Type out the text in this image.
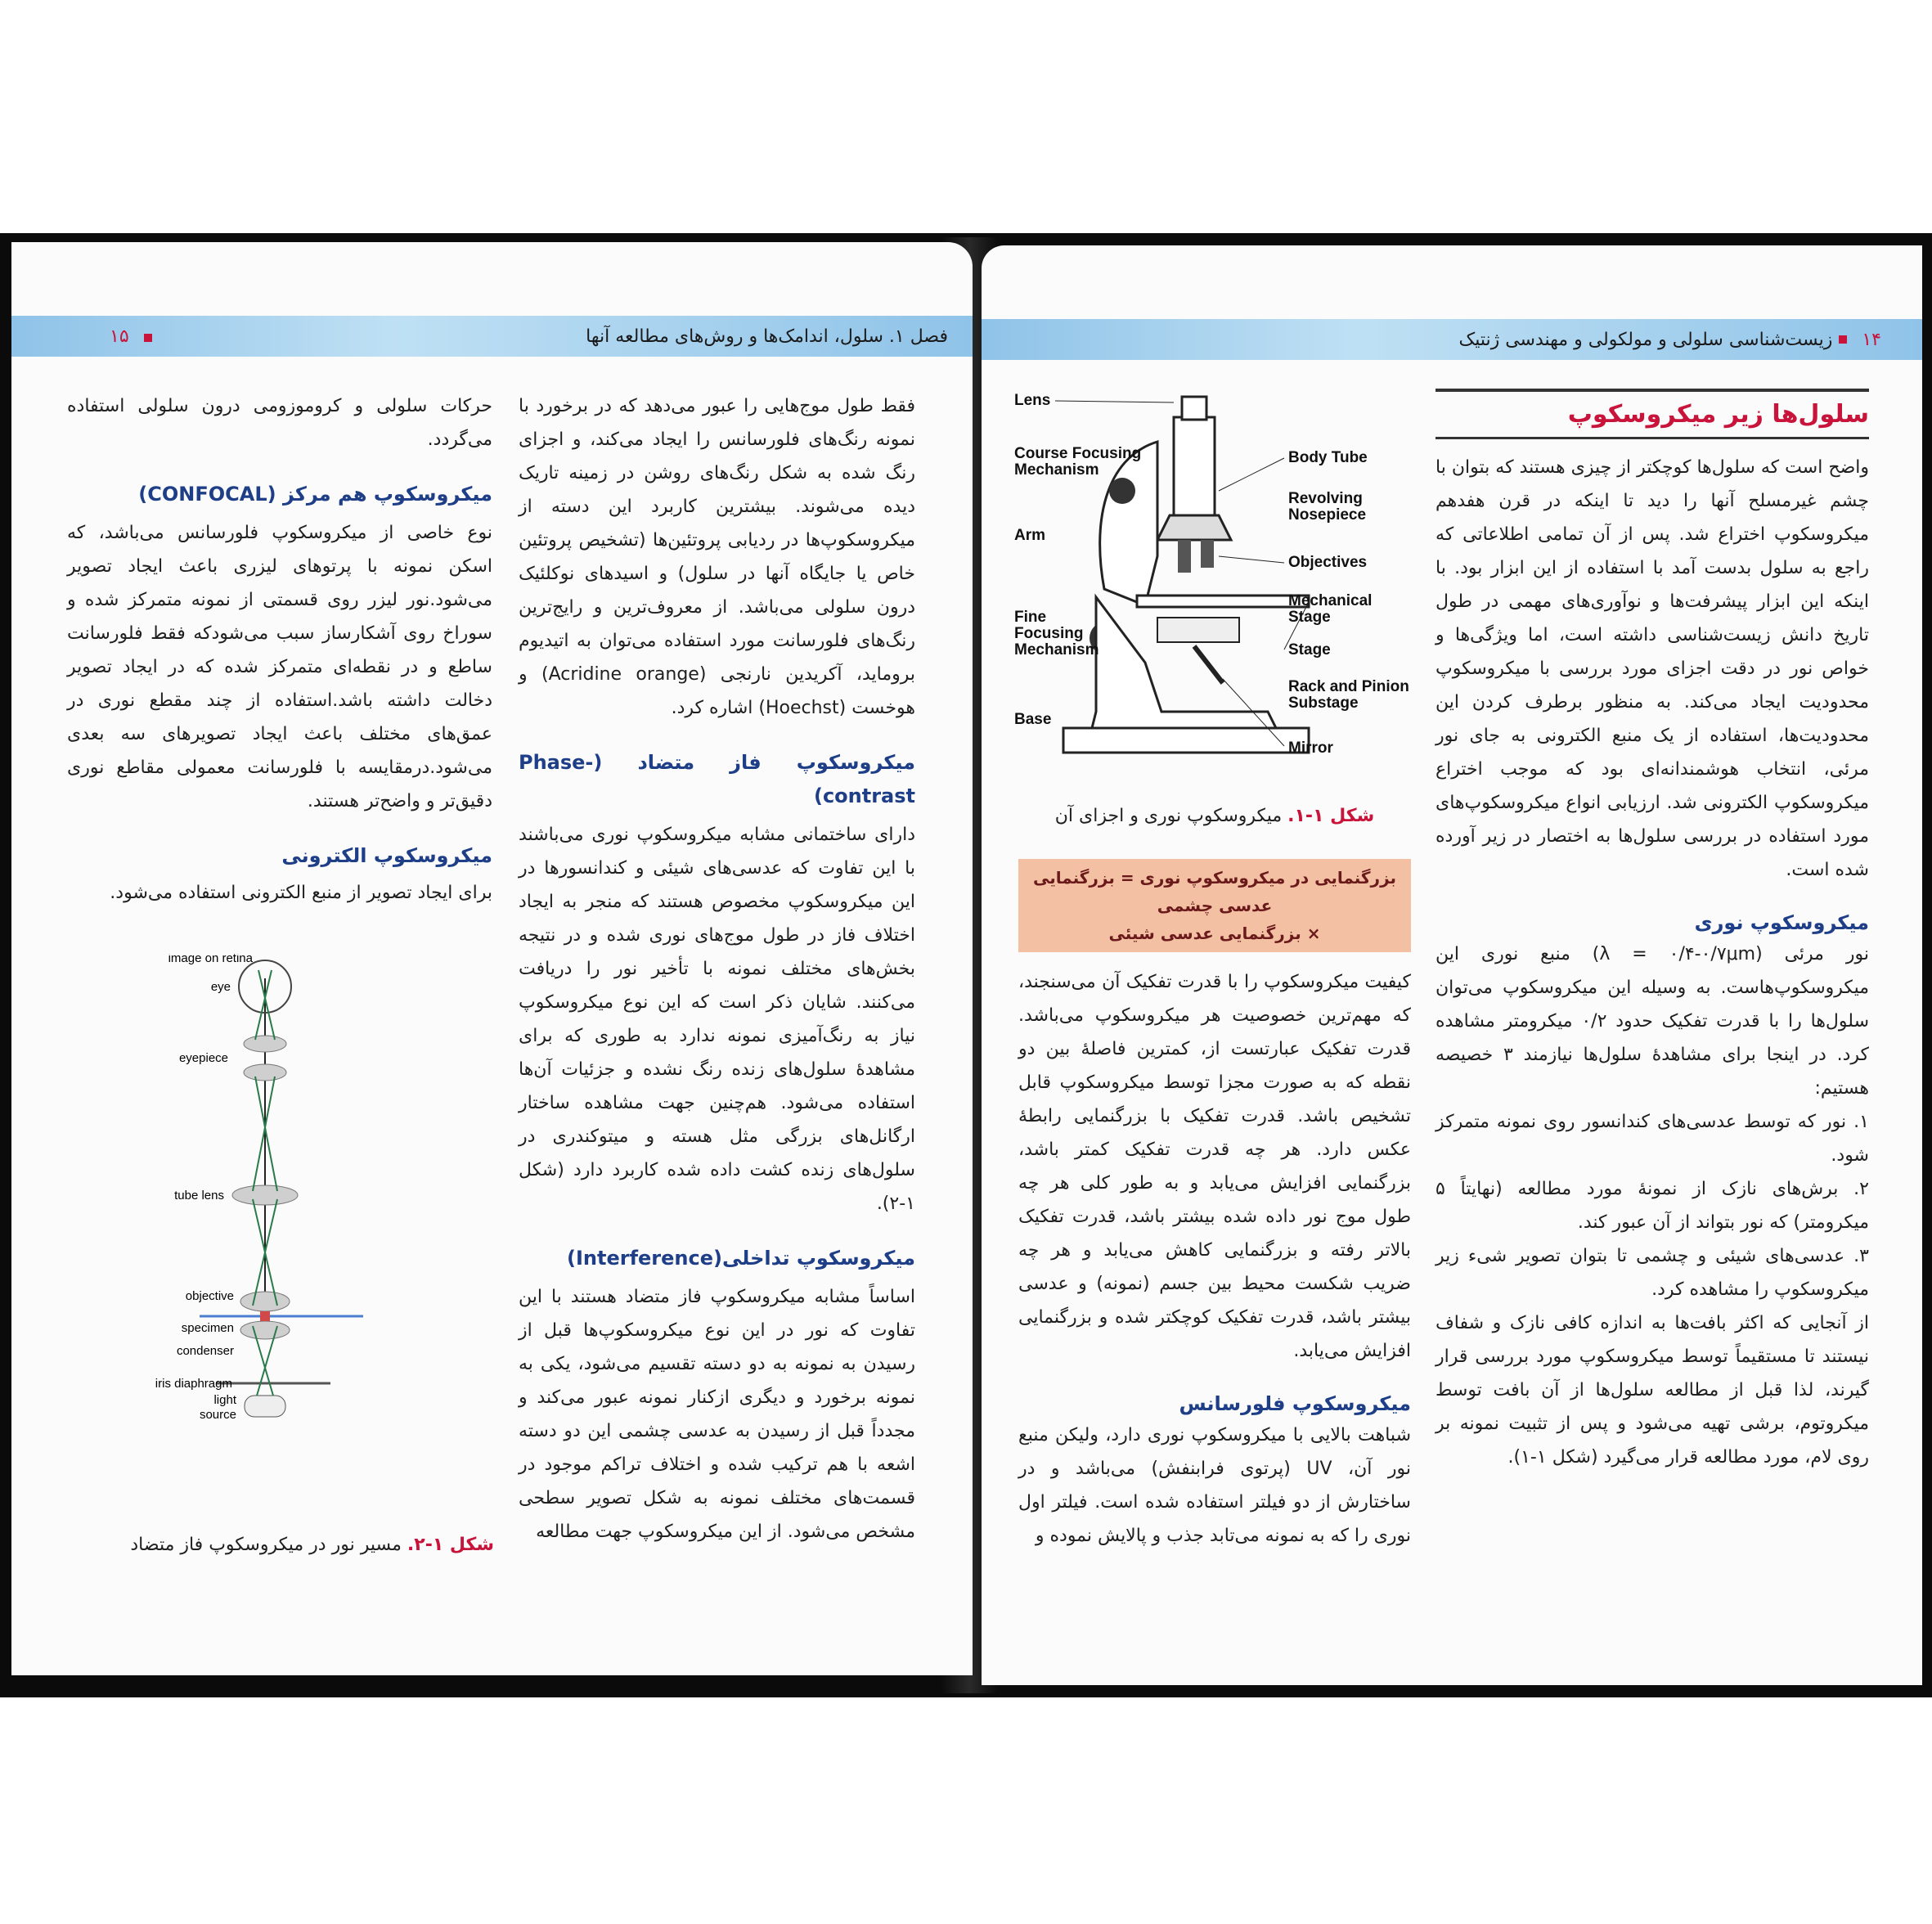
۱۵	فصل ۱. سلول، اندامک‌ها و روش‌های مطالعه آنها
فقط طول موج‌هایی را عبور می‌دهد که در برخورد با نمونه رنگ‌های فلورسانس را ایجاد می‌کند، و اجزای رنگ شده به شکل رنگ‌های روشن در زمینه تاریک دیده می‌شوند. بیشترین کاربرد این دسته از میکروسکوپ‌ها در ردیابی پروتئین‌ها (تشخیص پروتئین خاص یا جایگاه آنها در سلول) و اسیدهای نوکلئیک درون سلولی می‌باشد. از معروف‌ترین و رایج‌ترین رنگ‌های فلورسانت مورد استفاده می‌توان به اتیدیوم بروماید، آکریدین نارنجی (Acridine orange) و هوخست (Hoechst) اشاره کرد.
میکروسکوپ فاز متضاد (Phase-contrast)
دارای ساختمانی مشابه میکروسکوپ نوری می‌باشند با این تفاوت که عدسی‌های شیئی و کندانسورها در این میکروسکوپ مخصوص هستند که منجر به ایجاد اختلاف فاز در طول موج‌های نوری شده و در نتیجه بخش‌های مختلف نمونه با تأخیر نور را دریافت می‌کنند. شایان ذکر است که این نوع میکروسکوپ نیاز به رنگ‌آمیزی نمونه ندارد به طوری که برای مشاهدهٔ سلول‌های زنده رنگ نشده و جزئیات آن‌ها استفاده می‌شود. هم‌چنین جهت مشاهده ساختار ارگانل‌های بزرگی مثل هسته و میتوکندری در سلول‌های زنده کشت داده شده کاربرد دارد (شکل ۱-۲).
میکروسکوپ تداخلی(Interference)
اساساً مشابه میکروسکوپ فاز متضاد هستند با این تفاوت که نور در این نوع میکروسکوپ‌ها قبل از رسیدن به نمونه به دو دسته تقسیم می‌شود، یکی به نمونه برخورد و دیگری ازکنار نمونه عبور می‌کند و مجدداً قبل از رسیدن به عدسی چشمی این دو دسته اشعه با هم ترکیب شده و اختلاف تراکم موجود در قسمت‌های مختلف نمونه به شکل تصویر سطحی مشخص می‌شود. از این میکروسکوپ جهت مطالعه
حرکات سلولی و کروموزومی درون سلولی استفاده می‌گردد.
میکروسکوپ هم مرکز (CONFOCAL)
نوع خاصی از میکروسکوپ فلورسانس می‌باشد، که اسکن نمونه با پرتوهای لیزری باعث ایجاد تصویر می‌شود.نور لیزر روی قسمتی از نمونه متمرکز شده و سوراخ روی آشکارساز سبب می‌شودکه فقط فلورسانت ساطع و در نقطه‌ای متمرکز شده که در ایجاد تصویر دخالت داشته باشد.استفاده از چند مقطع نوری در عمق‌های مختلف باعث ایجاد تصویرهای سه بعدی می‌شود.درمقایسه با فلورسانت معمولی مقاطع نوری دقیق‌تر و واضح‌تر هستند.
میکروسکوپ الکترونی
برای ایجاد تصویر از منبع الکترونی استفاده می‌شود.
image on retina
eye
eyepiece
tube lens
objective
specimen
condenser
iris diaphragm
light
source
شکل ۱-۲. مسیر نور در میکروسکوپ فاز متضاد
زیست‌شناسی سلولی و مولکولی و مهندسی ژنتیک ۱۴
سلول‌ها زیر میکروسکوپ
واضح است که سلول‌ها کوچکتر از چیزی هستند که بتوان با چشم غیرمسلح آنها را دید تا اینکه در قرن هفدهم میکروسکوپ اختراع شد. پس از آن تمامی اطلاعاتی که راجع به سلول بدست آمد با استفاده از این ابزار بود. با اینکه این ابزار پیشرفت‌ها و نوآوری‌های مهمی در طول تاریخ دانش زیست‌شناسی داشته است، اما ویژگی‌ها و خواص نور در دقت اجزای مورد بررسی با میکروسکوپ محدودیت ایجاد می‌کند. به منظور برطرف کردن این محدودیت‌ها، استفاده از یک منبع الکترونی به جای نور مرئی، انتخاب هوشمندانه‌ای بود که موجب اختراع میکروسکوپ الکترونی شد. ارزیابی انواع میکروسکوپ‌های مورد استفاده در بررسی سلول‌ها به اختصار در زیر آورده شده است.
میکروسکوپ نوری
نور مرئی (λ = ۰/۴-۰/۷μm) منبع نوری این میکروسکوپ‌هاست. به وسیله این میکروسکوپ می‌توان سلول‌ها را با قدرت تفکیک حدود ۰/۲ میکرومتر مشاهده کرد. در اینجا برای مشاهدهٔ سلول‌ها نیازمند ۳ خصیصه هستیم:
۱. نور که توسط عدسی‌های کندانسور روی نمونه متمرکز شود.
۲. برش‌های نازک از نمونهٔ مورد مطالعه (نهایتاً ۵ میکرومتر) که نور بتواند از آن عبور کند.
۳. عدسی‌های شیئی و چشمی تا بتوان تصویر شیء زیر میکروسکوپ را مشاهده کرد.
از آنجایی که اکثر بافت‌ها به اندازه کافی نازک و شفاف نیستند تا مستقیماً توسط میکروسکوپ مورد بررسی قرار گیرند، لذا قبل از مطالعه سلول‌ها از آن بافت توسط میکروتوم، برشی تهیه می‌شود و پس از تثبیت نمونه بر روی لام، مورد مطالعه قرار می‌گیرد (شکل ۱-۱).
Lens
Course Focusing
Mechanism
Arm
Fine
Focusing
Mechanism
Base
Body Tube
Revolving
Nosepiece
Objectives
Mechanical
Stage
Stage
Rack and Pinion
Substage
Mirror
شکل ۱-۱. میکروسکوپ نوری و اجزای آن
بزرگنمایی در میکروسکوپ نوری = بزرگنمایی عدسی چشمی
× بزرگنمایی عدسی شیئی
کیفیت میکروسکوپ را با قدرت تفکیک آن می‌سنجند، که مهم‌ترین خصوصیت هر میکروسکوپ می‌باشد. قدرت تفکیک عبارتست از، کمترین فاصلهٔ بین دو نقطه که به صورت مجزا توسط میکروسکوپ قابل تشخیص باشد. قدرت تفکیک با بزرگنمایی رابطهٔ عکس دارد. هر چه قدرت تفکیک کمتر باشد، بزرگنمایی افزایش می‌یابد و به طور کلی هر چه طول موج نور داده شده بیشتر باشد، قدرت تفکیک بالاتر رفته و بزرگنمایی کاهش می‌یابد و هر چه ضریب شکست محیط بین جسم (نمونه) و عدسی بیشتر باشد، قدرت تفکیک کوچکتر شده و بزرگنمایی افزایش می‌یابد.
میکروسکوپ فلورسانس
شباهت بالایی با میکروسکوپ نوری دارد، ولیکن منبع نور آن، UV (پرتوی فرابنفش) می‌باشد و در ساختارش از دو فیلتر استفاده شده است. فیلتر اول نوری را که به نمونه می‌تابد جذب و پالایش نموده و
